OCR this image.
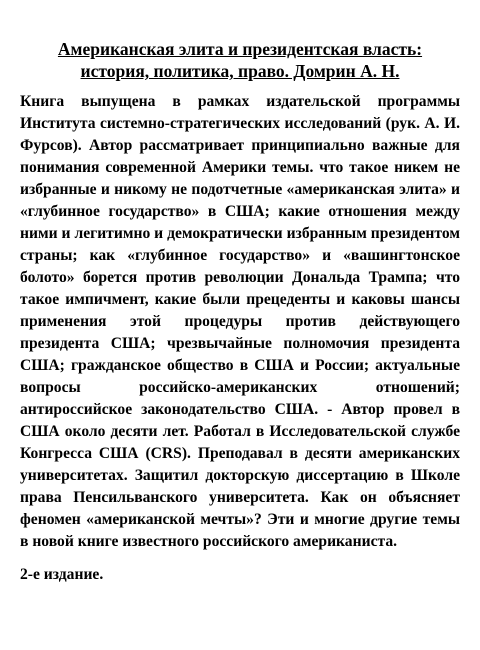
Американская элита и президентская власть: история, политика, право. Домрин А. Н.

Книга выпущена в рамках издательской программы Института системно-стратегических исследований (рук. А. И. Фурсов). Автор рассматривает принципиально важные для понимания современной Америки темы. что такое никем не избранные и никому не подотчетные «американская элита» и «глубинное государство» в США; какие отношения между ними и легитимно и демократически избранным президентом страны; как «глубинное государство» и «вашингтонское болото» борется против революции Дональда Трампа; что такое импичмент, какие были прецеденты и каковы шансы применения этой процедуры против действующего президента США; чрезвычайные полномочия президента США; гражданское общество в США и России; актуальные вопросы российско-американских отношений; антироссийское законодательство США. - Автор провел в США около десяти лет. Работал в Исследовательской службе Конгресса США (CRS). Преподавал в десяти американских университетах. Защитил докторскую диссертацию в Школе права Пенсильванского университета. Как он объясняет феномен «американской мечты»? Эти и многие другие темы в новой книге известного российского американиста.

2-е издание.
